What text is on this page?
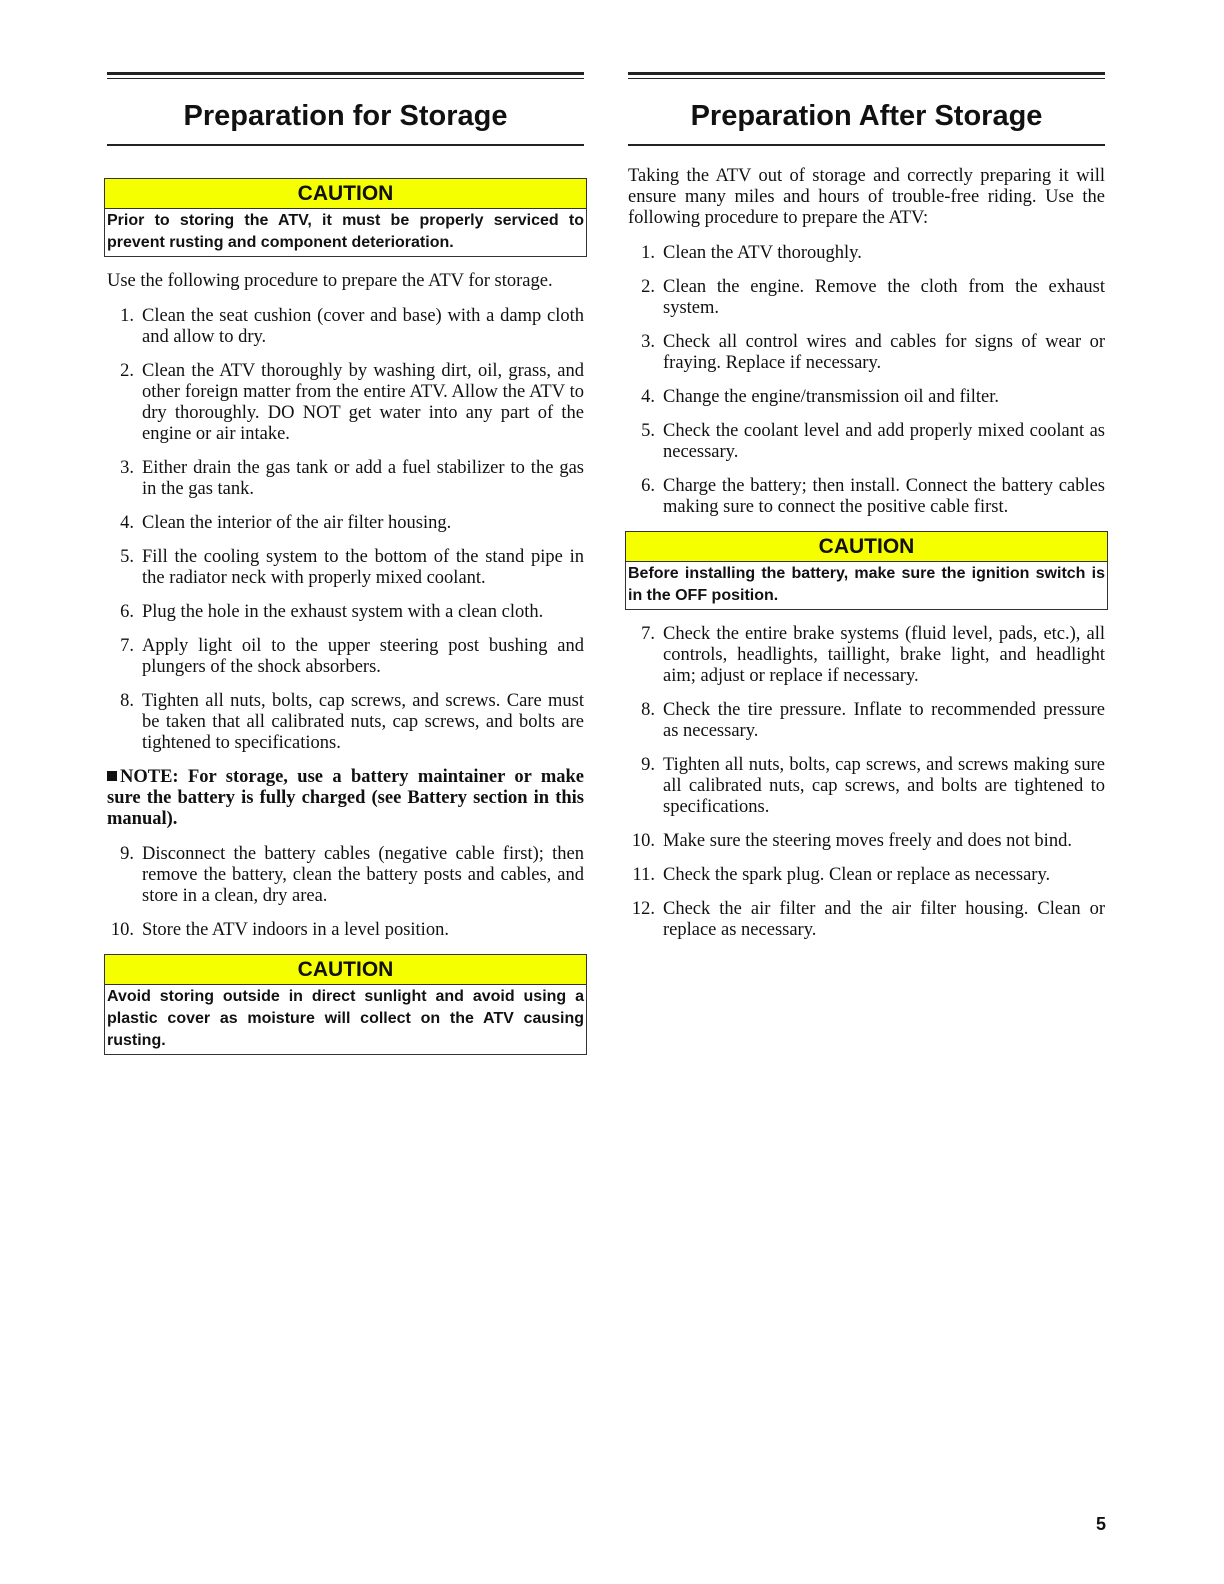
Preparation for Storage
CAUTION
Prior to storing the ATV, it must be properly serviced to prevent rusting and component deterioration.

Use the following procedure to prepare the ATV for storage.

1. Clean the seat cushion (cover and base) with a damp cloth and allow to dry.
2. Clean the ATV thoroughly by washing dirt, oil, grass, and other foreign matter from the entire ATV. Allow the ATV to dry thoroughly. DO NOT get water into any part of the engine or air intake.
3. Either drain the gas tank or add a fuel stabilizer to the gas in the gas tank.
4. Clean the interior of the air filter housing.
5. Fill the cooling system to the bottom of the stand pipe in the radiator neck with properly mixed coolant.
6. Plug the hole in the exhaust system with a clean cloth.
7. Apply light oil to the upper steering post bushing and plungers of the shock absorbers.
8. Tighten all nuts, bolts, cap screws, and screws. Care must be taken that all calibrated nuts, cap screws, and bolts are tightened to specifications.

NOTE: For storage, use a battery maintainer or make sure the battery is fully charged (see Battery section in this manual).

9. Disconnect the battery cables (negative cable first); then remove the battery, clean the battery posts and cables, and store in a clean, dry area.
10. Store the ATV indoors in a level position.
CAUTION
Avoid storing outside in direct sunlight and avoid using a plastic cover as moisture will collect on the ATV causing rusting.
Preparation After Storage

Taking the ATV out of storage and correctly preparing it will ensure many miles and hours of trouble-free riding. Use the following procedure to prepare the ATV:

1. Clean the ATV thoroughly.
2. Clean the engine. Remove the cloth from the exhaust system.
3. Check all control wires and cables for signs of wear or fraying. Replace if necessary.
4. Change the engine/transmission oil and filter.
5. Check the coolant level and add properly mixed coolant as necessary.
6. Charge the battery; then install. Connect the battery cables making sure to connect the positive cable first.
CAUTION
Before installing the battery, make sure the ignition switch is in the OFF position.
7. Check the entire brake systems (fluid level, pads, etc.), all controls, headlights, taillight, brake light, and headlight aim; adjust or replace if necessary.
8. Check the tire pressure. Inflate to recommended pressure as necessary.
9. Tighten all nuts, bolts, cap screws, and screws making sure all calibrated nuts, cap screws, and bolts are tightened to specifications.
10. Make sure the steering moves freely and does not bind.
11. Check the spark plug. Clean or replace as necessary.
12. Check the air filter and the air filter housing. Clean or replace as necessary.
5
